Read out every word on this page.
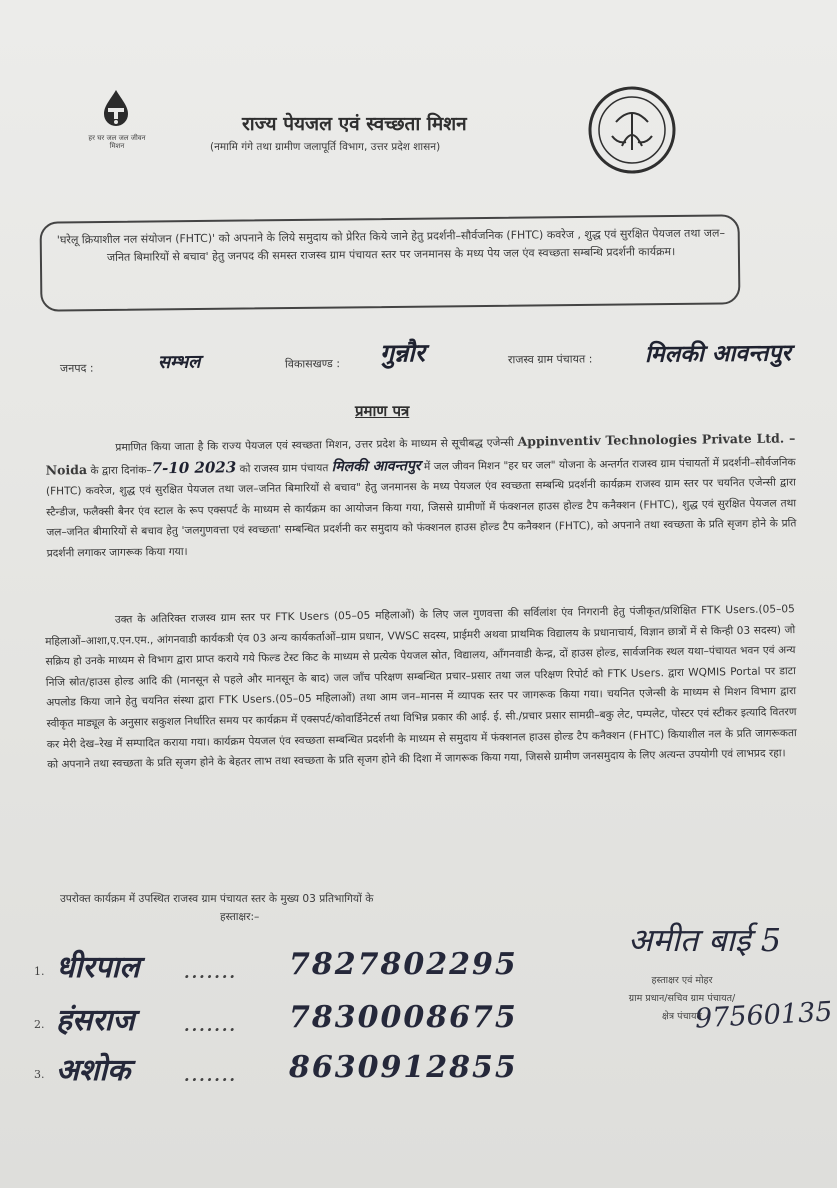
हर घर जल जल जीवन मिशन
राज्य पेयजल एवं स्वच्छता मिशन
(नमामि गंगे तथा ग्रामीण जलापूर्ति विभाग, उत्तर प्रदेश शासन)
'घरेलू क्रियाशील नल संयोजन (FHTC)' को अपनाने के लिये समुदाय को प्रेरित किये जाने हेतु प्रदर्शनी–सौर्वजनिक (FHTC) कवरेज , शुद्ध एवं सुरक्षित पेयजल तथा जल–जनित बिमारियों से बचाव' हेतु जनपद की समस्त राजस्व ग्राम पंचायत स्तर पर जनमानस के मध्य पेय जल एंव स्वच्छता सम्बन्धि प्रदर्शनी कार्यक्रम।
जनपद :	सम्भल	विकासखण्ड : गुन्नौर	राजस्व ग्राम पंचायत : मिलकी आवन्तपुर
प्रमाण पत्र
प्रमाणित किया जाता है कि राज्य पेयजल एवं स्वच्छता मिशन, उत्तर प्रदेश के माध्यम से सूचीबद्ध एजेन्सी Appinventiv Technologies Private Ltd. – Noida के द्वारा दिनांक–7-10 2023 को राजस्व ग्राम पंचायत मिलकी आवन्तपुर में जल जीवन मिशन "हर घर जल" योजना के अन्तर्गत राजस्व ग्राम पंचायतों में प्रदर्शनी–सौर्वजनिक (FHTC) कवरेज, शुद्ध एवं सुरक्षित पेयजल तथा जल–जनित बिमारियों से बचाव" हेतु जनमानस के मध्य पेयजल एंव स्वच्छता सम्बन्धि प्रदर्शनी कार्यक्रम राजस्व ग्राम स्तर पर चयनित एजेन्सी द्वारा स्टैन्डीज, फलैक्सी बैनर एंव स्टाल के रूप एक्सपर्ट के माध्यम से कार्यक्रम का आयोजन किया गया, जिससे ग्रामीणों में फंक्शनल हाउस होल्ड टैप कनैक्शन (FHTC), शुद्ध एवं सुरक्षित पेयजल तथा जल–जनित बीमारियों से बचाव हेतु 'जलगुणवत्ता एवं स्वच्छता' सम्बन्धित प्रदर्शनी कर समुदाय को फंक्शनल हाउस होल्ड टैप कनैक्शन (FHTC), को अपनाने तथा स्वच्छता के प्रति सृजग होने के प्रति प्रदर्शनी लगाकर जागरूक किया गया।
उक्त के अतिरिक्त राजस्व ग्राम स्तर पर FTK Users (05–05 महिलाओं) के लिए जल गुणवत्ता की सर्विलांश एंव निगरानी हेतु पंजीकृत/प्रशिक्षित FTK Users.(05–05 महिलाओं–आशा,ए.एन.एम., आंगनवाडी कार्यकत्री एंव 03 अन्य कार्यकर्ताओं–ग्राम प्रधान, VWSC सदस्य, प्राईमरी अथवा प्राथमिक विद्यालय के प्रधानाचार्य, विज्ञान छात्रों में से किन्ही 03 सदस्य) जो सक्रिय हो उनके माध्यम से विभाग द्वारा प्राप्त कराये गये फिल्ड टेस्ट किट के माध्यम से प्रत्येक पेयजल स्रोत, विद्यालय, आँगनवाडी केन्द्र, दों हाउस होल्ड, सार्वजनिक स्थल यथा–पंचायत भवन एवं अन्य निजि स्रोत/हाउस होल्ड आदि की (मानसून से पहले और मानसून के बाद) जल जाँच परिक्षण सम्बन्धित प्रचार–प्रसार तथा जल परिक्षण रिपोर्ट को FTK Users. द्वारा WQMIS Portal पर डाटा अपलोड किया जाने हेतु चयनित संस्था द्वारा FTK Users.(05–05 महिलाओं) तथा आम जन–मानस में व्यापक स्तर पर जागरूक किया गया। चयनित एजेन्सी के माध्यम से मिशन विभाग द्वारा स्वीकृत माड्यूल के अनुसार सकुशल निर्धारित समय पर कार्यक्रम में एक्सपर्ट/कोवार्डिनेटर्स तथा विभिन्न प्रकार की आई. ई. सी./प्रचार प्रसार सामग्री–बकु लेट, पम्पलेट, पोस्टर एवं स्टीकर इत्यादि वितरण कर मेरी देख–रेख में सम्पादित कराया गया। कार्यक्रम पेयजल एंव स्वच्छता सम्बन्धित प्रदर्शनी के माध्यम से समुदाय में फंक्शनल हाउस होल्ड टैप कनैक्शन (FHTC) कियाशील नल के प्रति जागरूकता को अपनाने तथा स्वच्छता के प्रति सृजग होने के बेहतर लाभ तथा स्वच्छता के प्रति सृजग होने की दिशा में जागरूक किया गया, जिससे ग्रामीण जनसमुदाय के लिए अत्यन्त उपयोगी एवं लाभप्रद रहा।
उपरोक्त कार्यक्रम में उपस्थित राजस्व ग्राम पंचायत स्तर के मुख्य 03 प्रतिभागियों के
हस्ताक्षर:–
1. धीरपाल	....... 7827802295
2. हंसराज	....... 7830008675
3. अशोक	....... 8630912855
अमीत बाई 5
हस्ताक्षर एवं मोहर
ग्राम प्रधान/सचिव ग्राम पंचायत/
क्षेत्र पंचायत
97560135
